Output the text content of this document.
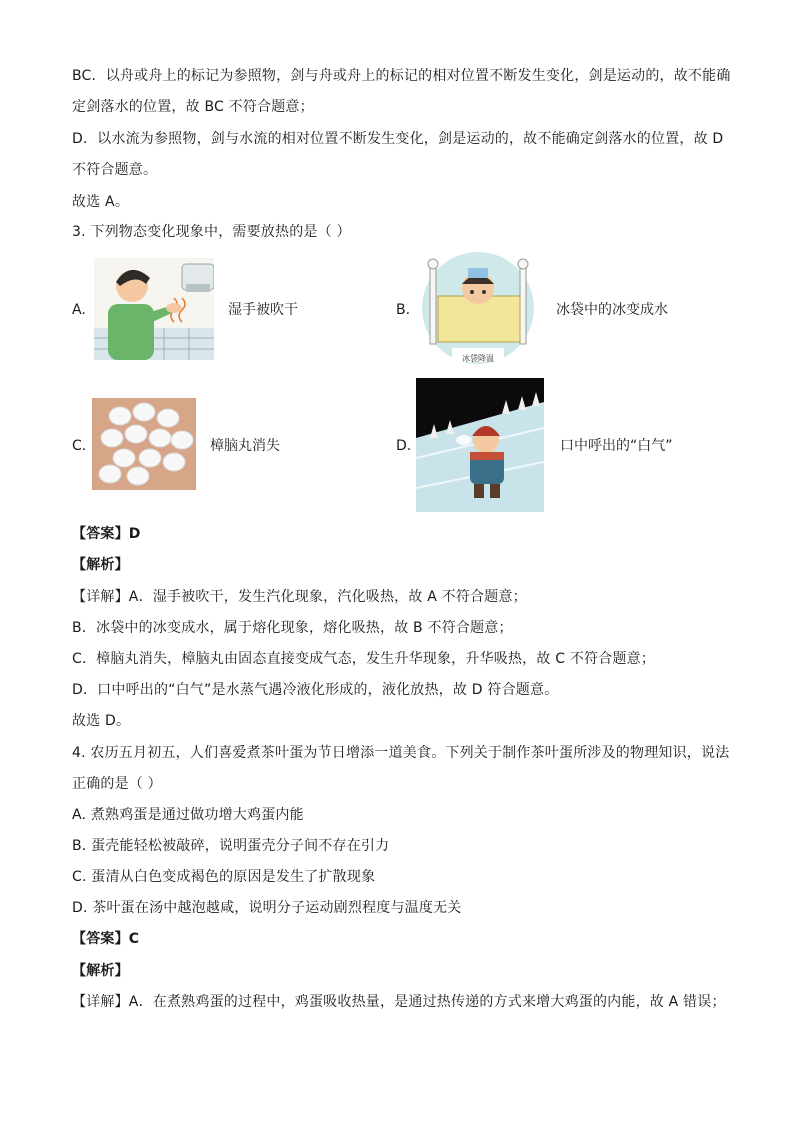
BC．以舟或舟上的标记为参照物，剑与舟或舟上的标记的相对位置不断发生变化，剑是运动的，故不能确
定剑落水的位置，故 BC 不符合题意；
D．以水流为参照物，剑与水流的相对位置不断发生变化，剑是运动的，故不能确定剑落水的位置，故 D
不符合题意。
故选 A。
3. 下列物态变化现象中，需要放热的是（ ）
A.	湿手被吹干	B.
冰袋降温
冰袋中的冰变成水
C.	樟脑丸消失	D.	口中呼出的“白气”
【答案】D
【解析】
【详解】A．湿手被吹干，发生汽化现象，汽化吸热，故 A 不符合题意；
B．冰袋中的冰变成水，属于熔化现象，熔化吸热，故 B 不符合题意；
C．樟脑丸消失，樟脑丸由固态直接变成气态，发生升华现象，升华吸热，故 C 不符合题意；
D．口中呼出的“白气”是水蒸气遇冷液化形成的，液化放热，故 D 符合题意。
故选 D。
4. 农历五月初五，人们喜爱煮茶叶蛋为节日增添一道美食。下列关于制作茶叶蛋所涉及的物理知识，说法
正确的是（ ）
A. 煮熟鸡蛋是通过做功增大鸡蛋内能
B. 蛋壳能轻松被敲碎，说明蛋壳分子间不存在引力
C. 蛋清从白色变成褐色的原因是发生了扩散现象
D. 茶叶蛋在汤中越泡越咸，说明分子运动剧烈程度与温度无关
【答案】C
【解析】
【详解】A．在煮熟鸡蛋的过程中，鸡蛋吸收热量，是通过热传递的方式来增大鸡蛋的内能，故 A 错误；
